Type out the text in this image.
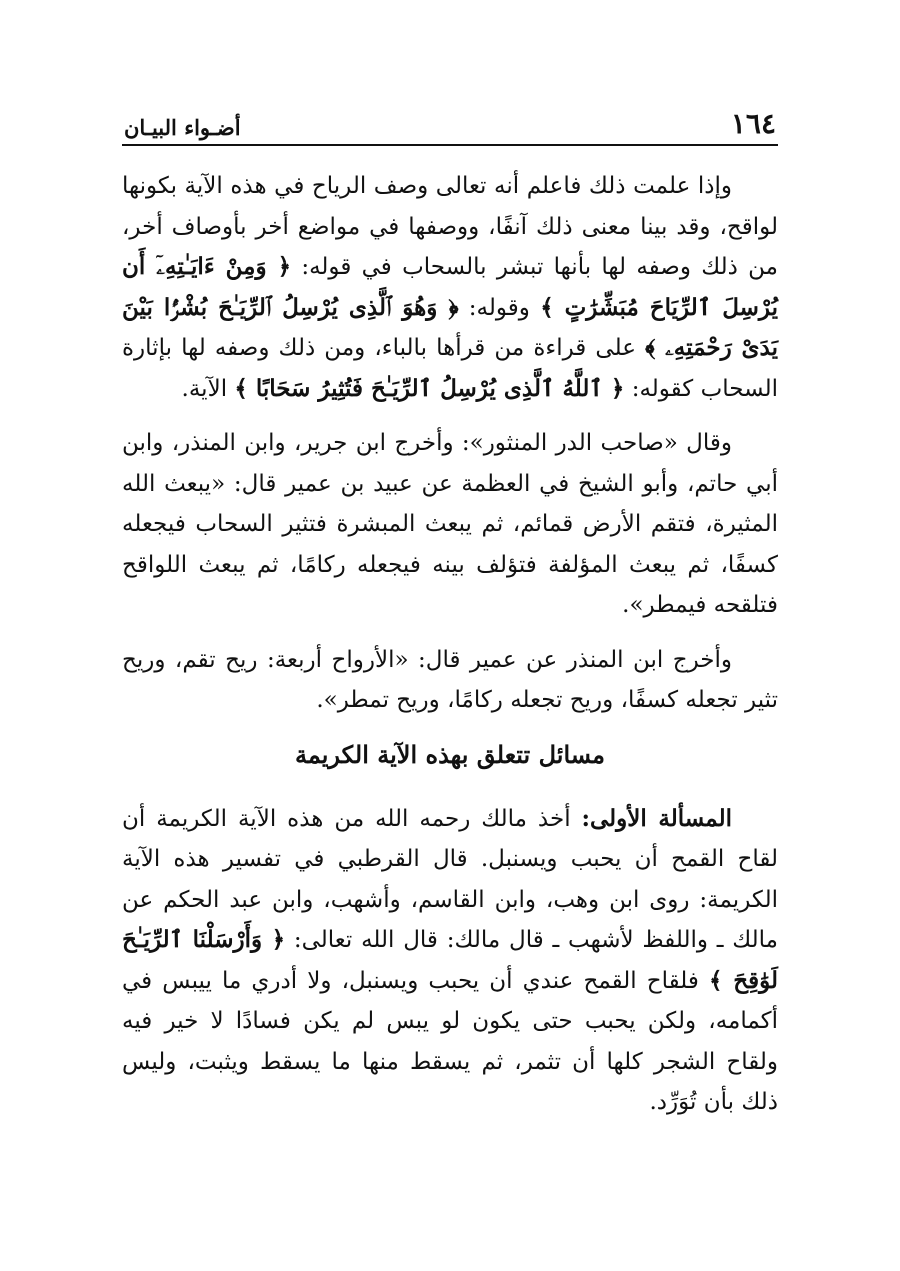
١٦٤
أضـواء البيـان

وإذا علمت ذلك فاعلم أنه تعالى وصف الرياح في هذه الآية بكونها لواقح، وقد بينا معنى ذلك آنفًا، ووصفها في مواضع أخر بأوصاف أخر، من ذلك وصفه لها بأنها تبشر بالسحاب في قوله: ﴿ وَمِنْ ءَايَـٰتِهِۦٓ أَن يُرْسِلَ ٱلرِّيَاحَ مُبَشِّرَٰتٍ ﴾ وقوله: ﴿ وَهُوَ ٱلَّذِى يُرْسِلُ ٱلرِّيَـٰحَ بُشْرًۢا بَيْنَ يَدَىْ رَحْمَتِهِۦ ﴾ على قراءة من قرأها بالباء، ومن ذلك وصفه لها بإثارة السحاب كقوله: ﴿ ٱللَّهُ ٱلَّذِى يُرْسِلُ ٱلرِّيَـٰحَ فَتُثِيرُ سَحَابًا ﴾ الآية.

وقال «صاحب الدر المنثور»: وأخرج ابن جرير، وابن المنذر، وابن أبي حاتم، وأبو الشيخ في العظمة عن عبيد بن عمير قال: «يبعث الله المثيرة، فتقم الأرض قمائم، ثم يبعث المبشرة فتثير السحاب فيجعله كسفًا، ثم يبعث المؤلفة فتؤلف بينه فيجعله ركامًا، ثم يبعث اللواقح فتلقحه فيمطر».

وأخرج ابن المنذر عن عمير قال: «الأرواح أربعة: ريح تقم، وريح تثير تجعله كسفًا، وريح تجعله ركامًا، وريح تمطر».

مسائل تتعلق بهذه الآية الكريمة

المسألة الأولى: أخذ مالك رحمه الله من هذه الآية الكريمة أن لقاح القمح أن يحبب ويسنبل. قال القرطبي في تفسير هذه الآية الكريمة: روى ابن وهب، وابن القاسم، وأشهب، وابن عبد الحكم عن مالك ـ واللفظ لأشهب ـ قال مالك: قال الله تعالى: ﴿ وَأَرْسَلْنَا ٱلرِّيَـٰحَ لَوَٰقِحَ ﴾ فلقاح القمح عندي أن يحبب ويسنبل، ولا أدري ما ييبس في أكمامه، ولكن يحبب حتى يكون لو يبس لم يكن فسادًا لا خير فيه ولقاح الشجر كلها أن تثمر، ثم يسقط منها ما يسقط ويثبت، وليس ذلك بأن تُوَرِّد.
